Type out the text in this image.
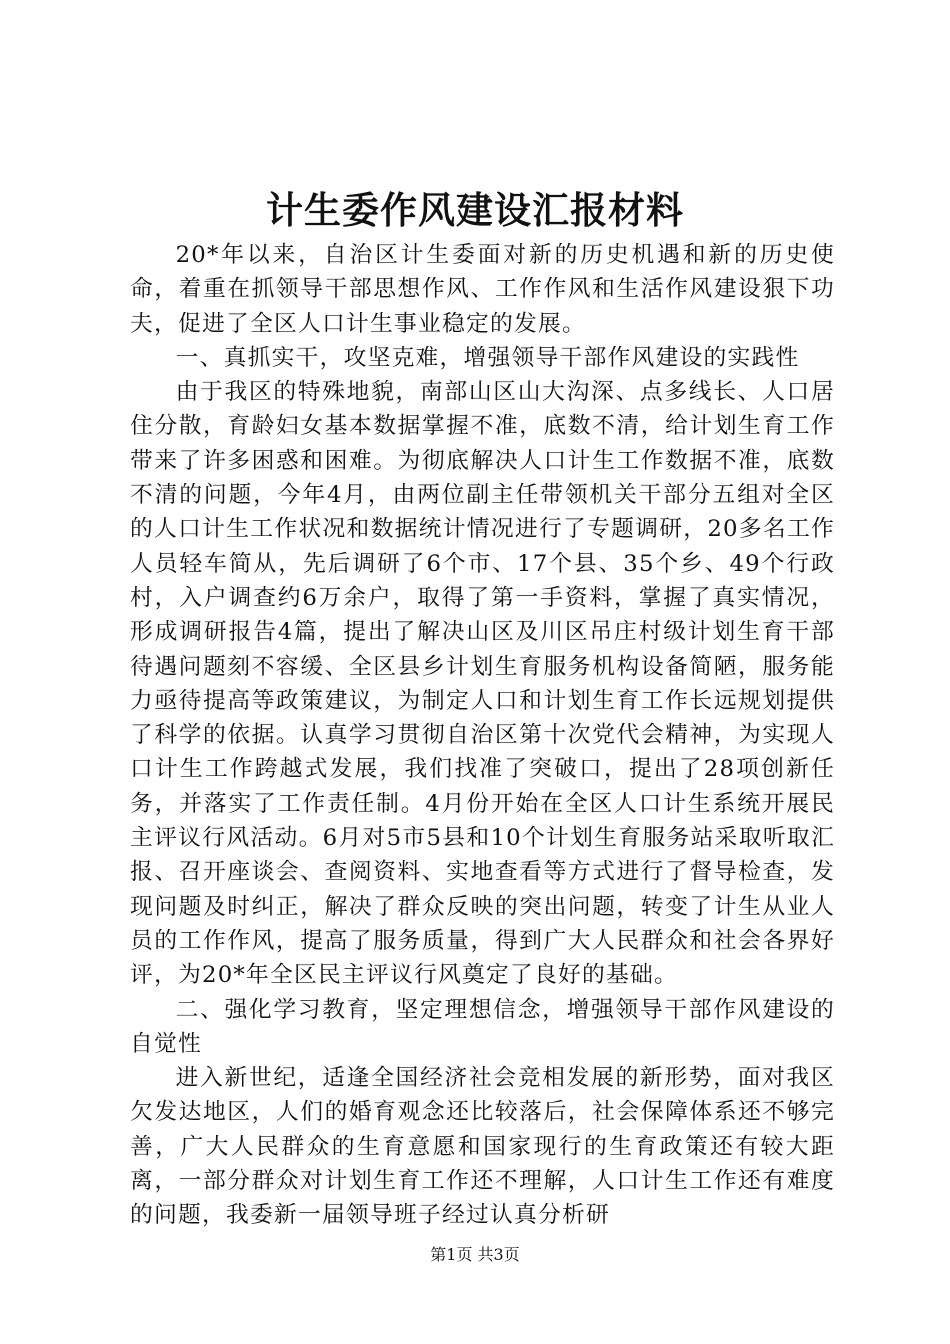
计生委作风建设汇报材料

20*年以来，自治区计生委面对新的历史机遇和新的历史使命，着重在抓领导干部思想作风、工作作风和生活作风建设狠下功夫，促进了全区人口计生事业稳定的发展。

一、真抓实干，攻坚克难，增强领导干部作风建设的实践性

由于我区的特殊地貌，南部山区山大沟深、点多线长、人口居住分散，育龄妇女基本数据掌握不准，底数不清，给计划生育工作带来了许多困惑和困难。为彻底解决人口计生工作数据不准，底数不清的问题，今年4月，由两位副主任带领机关干部分五组对全区的人口计生工作状况和数据统计情况进行了专题调研，20多名工作人员轻车简从，先后调研了6个市、17个县、35个乡、49个行政村，入户调查约6万余户，取得了第一手资料，掌握了真实情况，形成调研报告4篇，提出了解决山区及川区吊庄村级计划生育干部待遇问题刻不容缓、全区县乡计划生育服务机构设备简陋，服务能力亟待提高等政策建议，为制定人口和计划生育工作长远规划提供了科学的依据。认真学习贯彻自治区第十次党代会精神，为实现人口计生工作跨越式发展，我们找准了突破口，提出了28项创新任务，并落实了工作责任制。4月份开始在全区人口计生系统开展民主评议行风活动。6月对5市5县和10个计划生育服务站采取听取汇报、召开座谈会、查阅资料、实地查看等方式进行了督导检查，发现问题及时纠正，解决了群众反映的突出问题，转变了计生从业人员的工作作风，提高了服务质量，得到广大人民群众和社会各界好评，为20*年全区民主评议行风奠定了良好的基础。

二、强化学习教育，坚定理想信念，增强领导干部作风建设的自觉性

进入新世纪，适逢全国经济社会竞相发展的新形势，面对我区欠发达地区，人们的婚育观念还比较落后，社会保障体系还不够完善，广大人民群众的生育意愿和国家现行的生育政策还有较大距离，一部分群众对计划生育工作还不理解，人口计生工作还有难度的问题，我委新一届领导班子经过认真分析研

第1页 共3页
